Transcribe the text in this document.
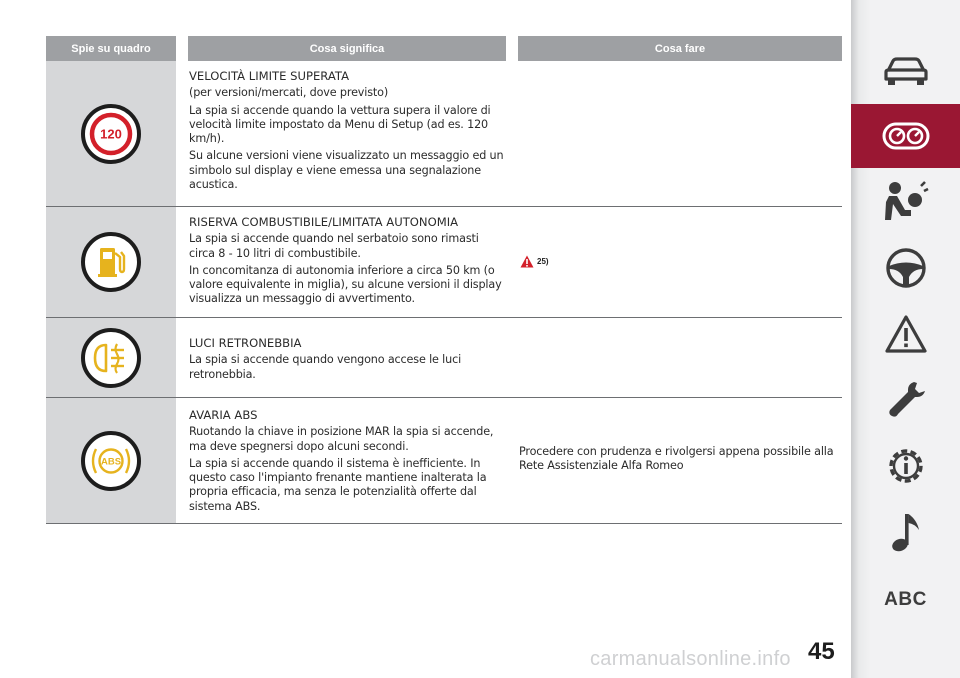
Spie su quadro	Cosa significa	Cosa fare
120
VELOCITÀ LIMITE SUPERATA

(per versioni/mercati, dove previsto)

La spia si accende quando la vettura supera il valore di velocità limite impostato da Menu di Setup (ad es. 120 km/h).

Su alcune versioni viene visualizzato un messaggio ed un simbolo sul display e viene emessa una segnalazione acustica.

RISERVA COMBUSTIBILE/LIMITATA AUTONOMIA

La spia si accende quando nel serbatoio sono rimasti circa 8 - 10 litri di combustibile.

In concomitanza di autonomia inferiore a circa 50 km (o valore equivalente in miglia), su alcune versioni il display visualizza un messaggio di avvertimento.

25)
LUCI RETRONEBBIA

La spia si accende quando vengono accese le luci retronebbia.

ABS
AVARIA ABS

Ruotando la chiave in posizione MAR la spia si accende, ma deve spegnersi dopo alcuni secondi.

La spia si accende quando il sistema è inefficiente. In questo caso l'impianto frenante mantiene inalterata la propria efficacia, ma senza le potenzialità offerte dal sistema ABS.

Procedere con prudenza e rivolgersi appena possibile alla Rete Assistenziale Alfa Romeo
ABC
45
carmanualsonline.info
